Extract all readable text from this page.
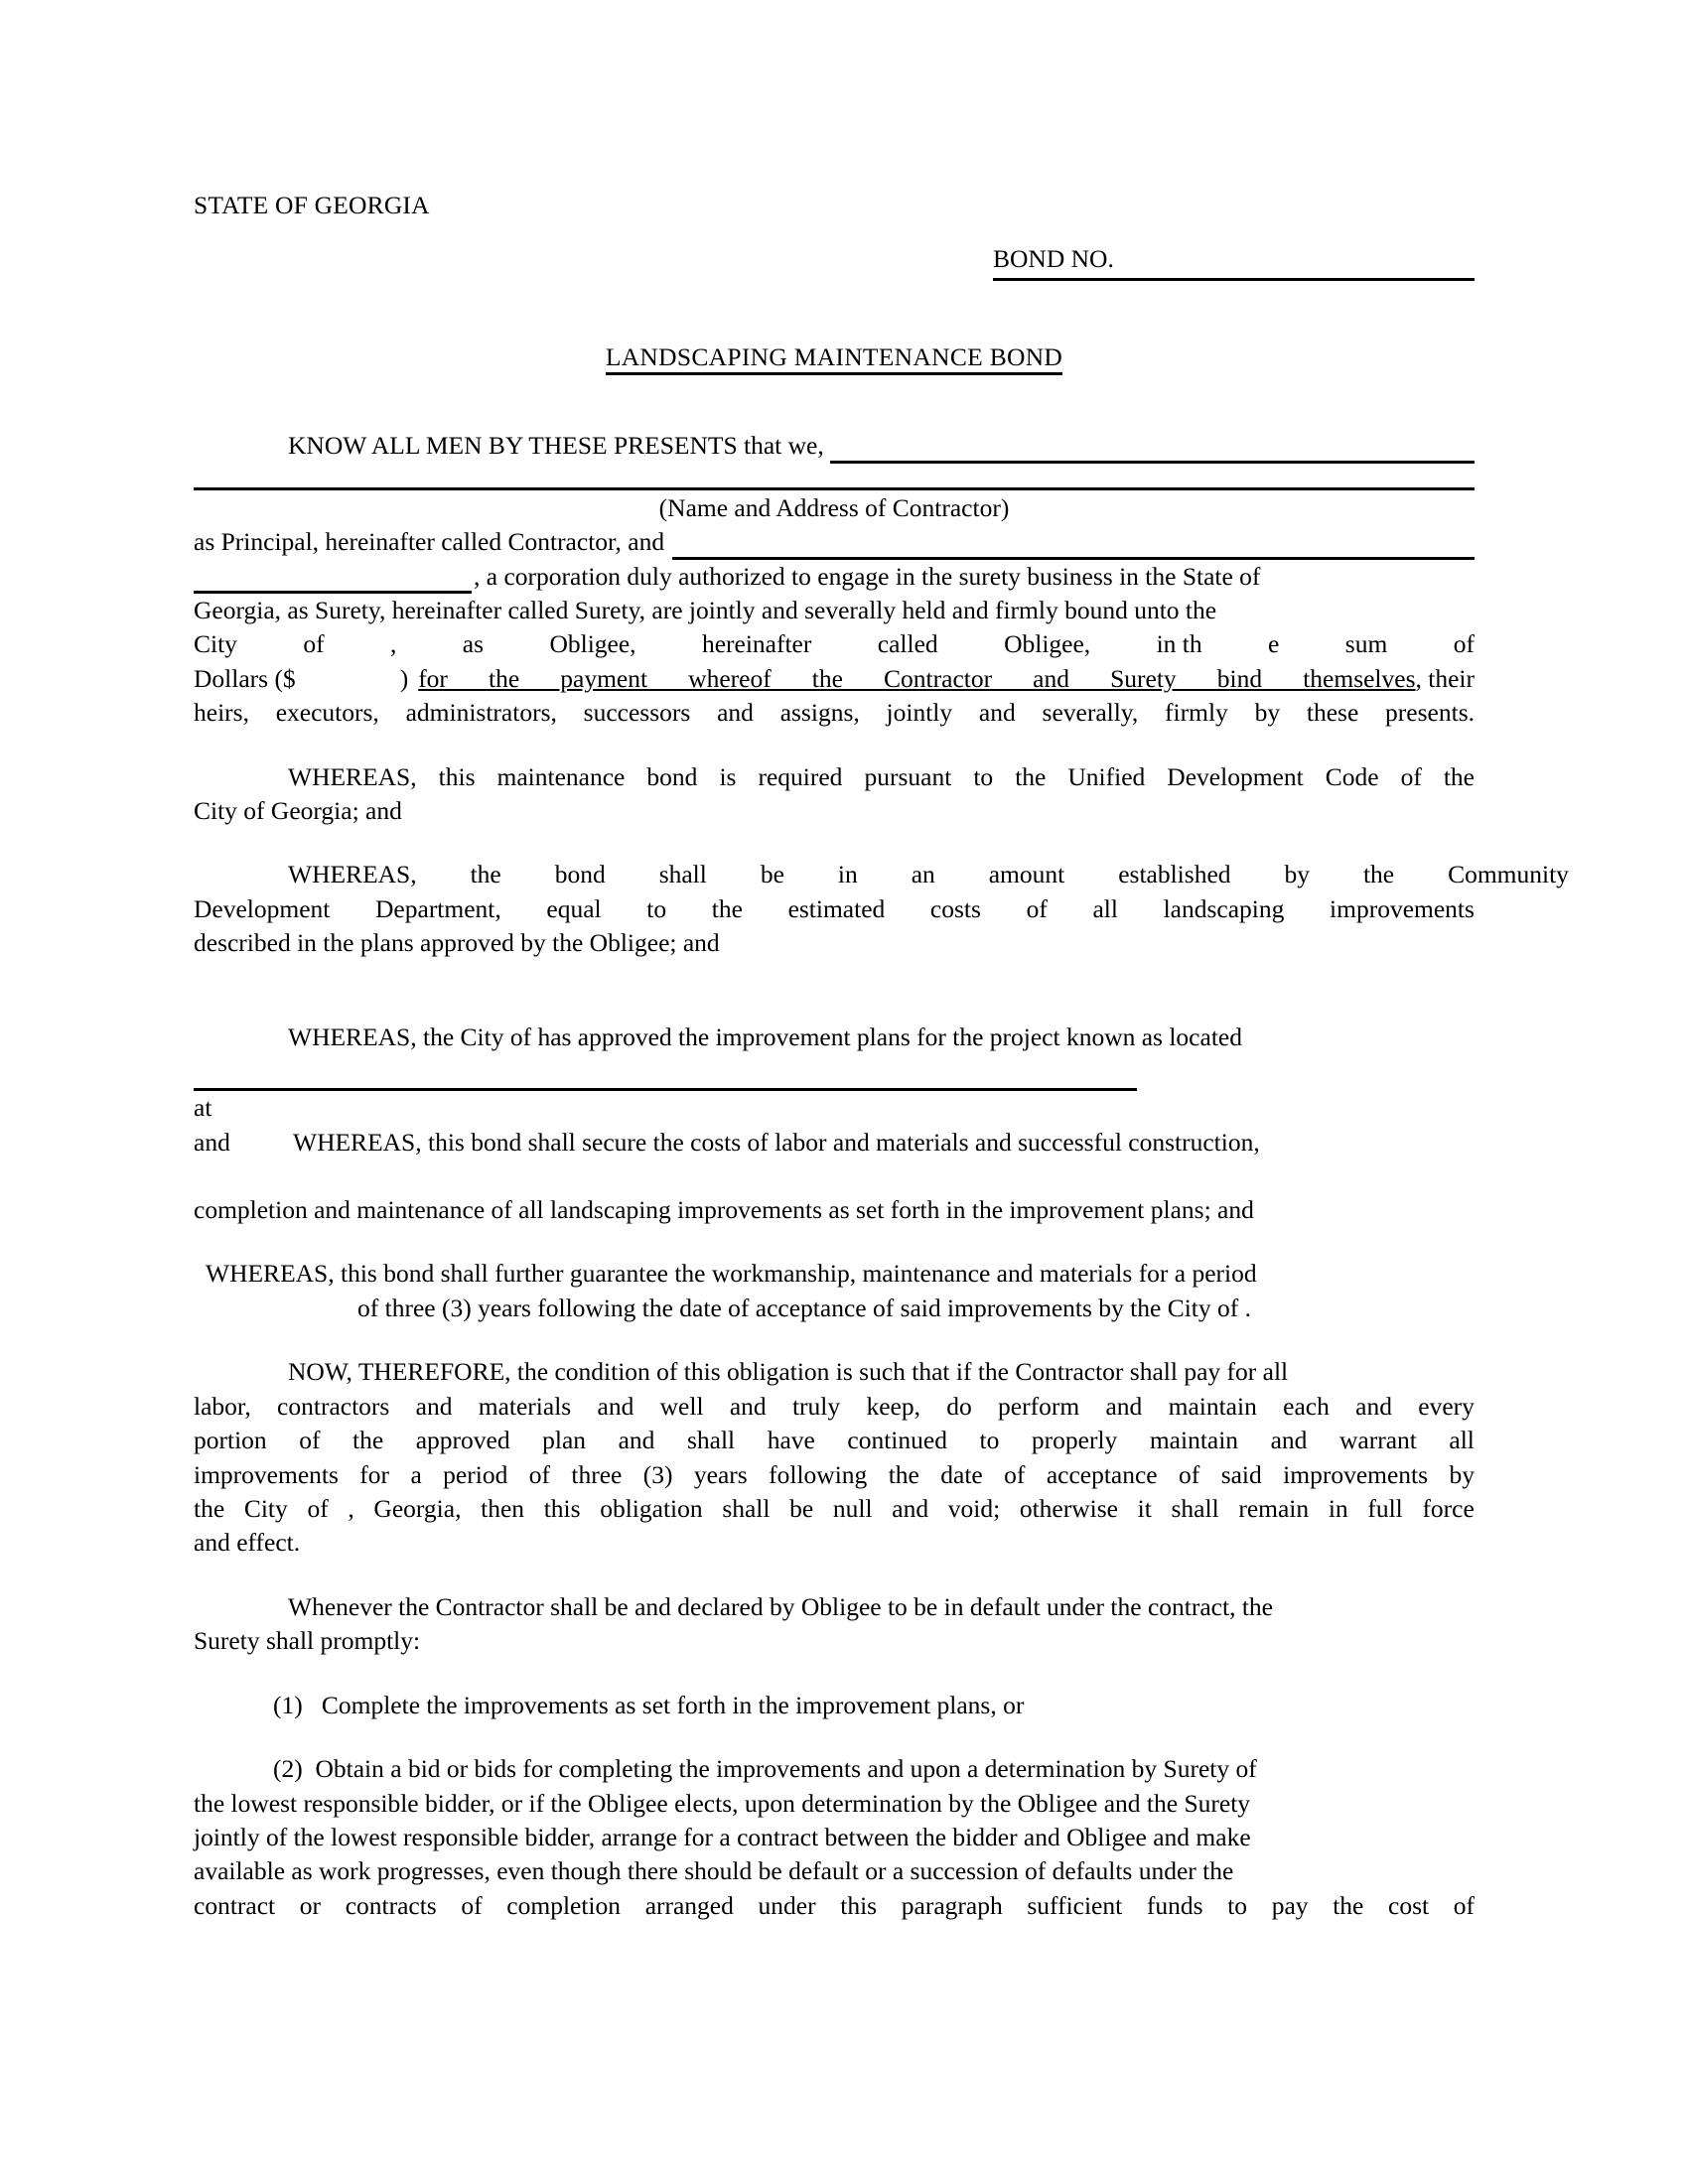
STATE OF GEORGIA
BOND NO.
LANDSCAPING MAINTENANCE BOND
KNOW ALL MEN BY THESE PRESENTS that we,
(Name and Address of Contractor)
as Principal, hereinafter called Contractor, and
, a corporation duly authorized to engage in the surety business in the State of
Georgia, as Surety, hereinafter called Surety, are jointly and severally held and firmly bound unto the
City	of	,	as	Obligee,	hereinafter	called	Obligee,	in th	e	sum	of
Dollars ($	) for the payment whereof the Contractor and Surety bind themselves , their
heirs, executors, administrators, successors and assigns, jointly and severally, firmly by these presents.
WHEREAS, this maintenance bond is required pursuant to the Unified Development Code of the
City of Georgia; and
WHEREAS, the bond shall be in an amount established by the Community
Development Department, equal to the estimated costs of all landscaping improvements
described in the plans approved by the Obligee; and
WHEREAS, the City of has approved the improvement plans for the project known as located
at
and	WHEREAS, this bond shall secure the costs of labor and materials and successful construction,
completion and maintenance of all landscaping improvements as set forth in the improvement plans; and
WHEREAS, this bond shall further guarantee the workmanship, maintenance and materials for a period
of three (3) years following the date of acceptance of said improvements by the City of .
NOW, THEREFORE, the condition of this obligation is such that if the Contractor shall pay for all
labor, contractors and materials and well and truly keep, do perform and maintain each and every
portion of the approved plan and shall have continued to properly maintain and warrant all
improvements for a period of three (3) years following the date of acceptance of said improvements by
the City of , Georgia, then this obligation shall be null and void; otherwise it shall remain in full force
and effect.
Whenever the Contractor shall be and declared by Obligee to be in default under the contract, the
Surety shall promptly:
(1) Complete the improvements as set forth in the improvement plans, or
(2) Obtain a bid or bids for completing the improvements and upon a determination by Surety of
the lowest responsible bidder, or if the Obligee elects, upon determination by the Obligee and the Surety
jointly of the lowest responsible bidder, arrange for a contract between the bidder and Obligee and make
available as work progresses, even though there should be default or a succession of defaults under the
contract or contracts of completion arranged under this paragraph sufficient funds to pay the cost of
